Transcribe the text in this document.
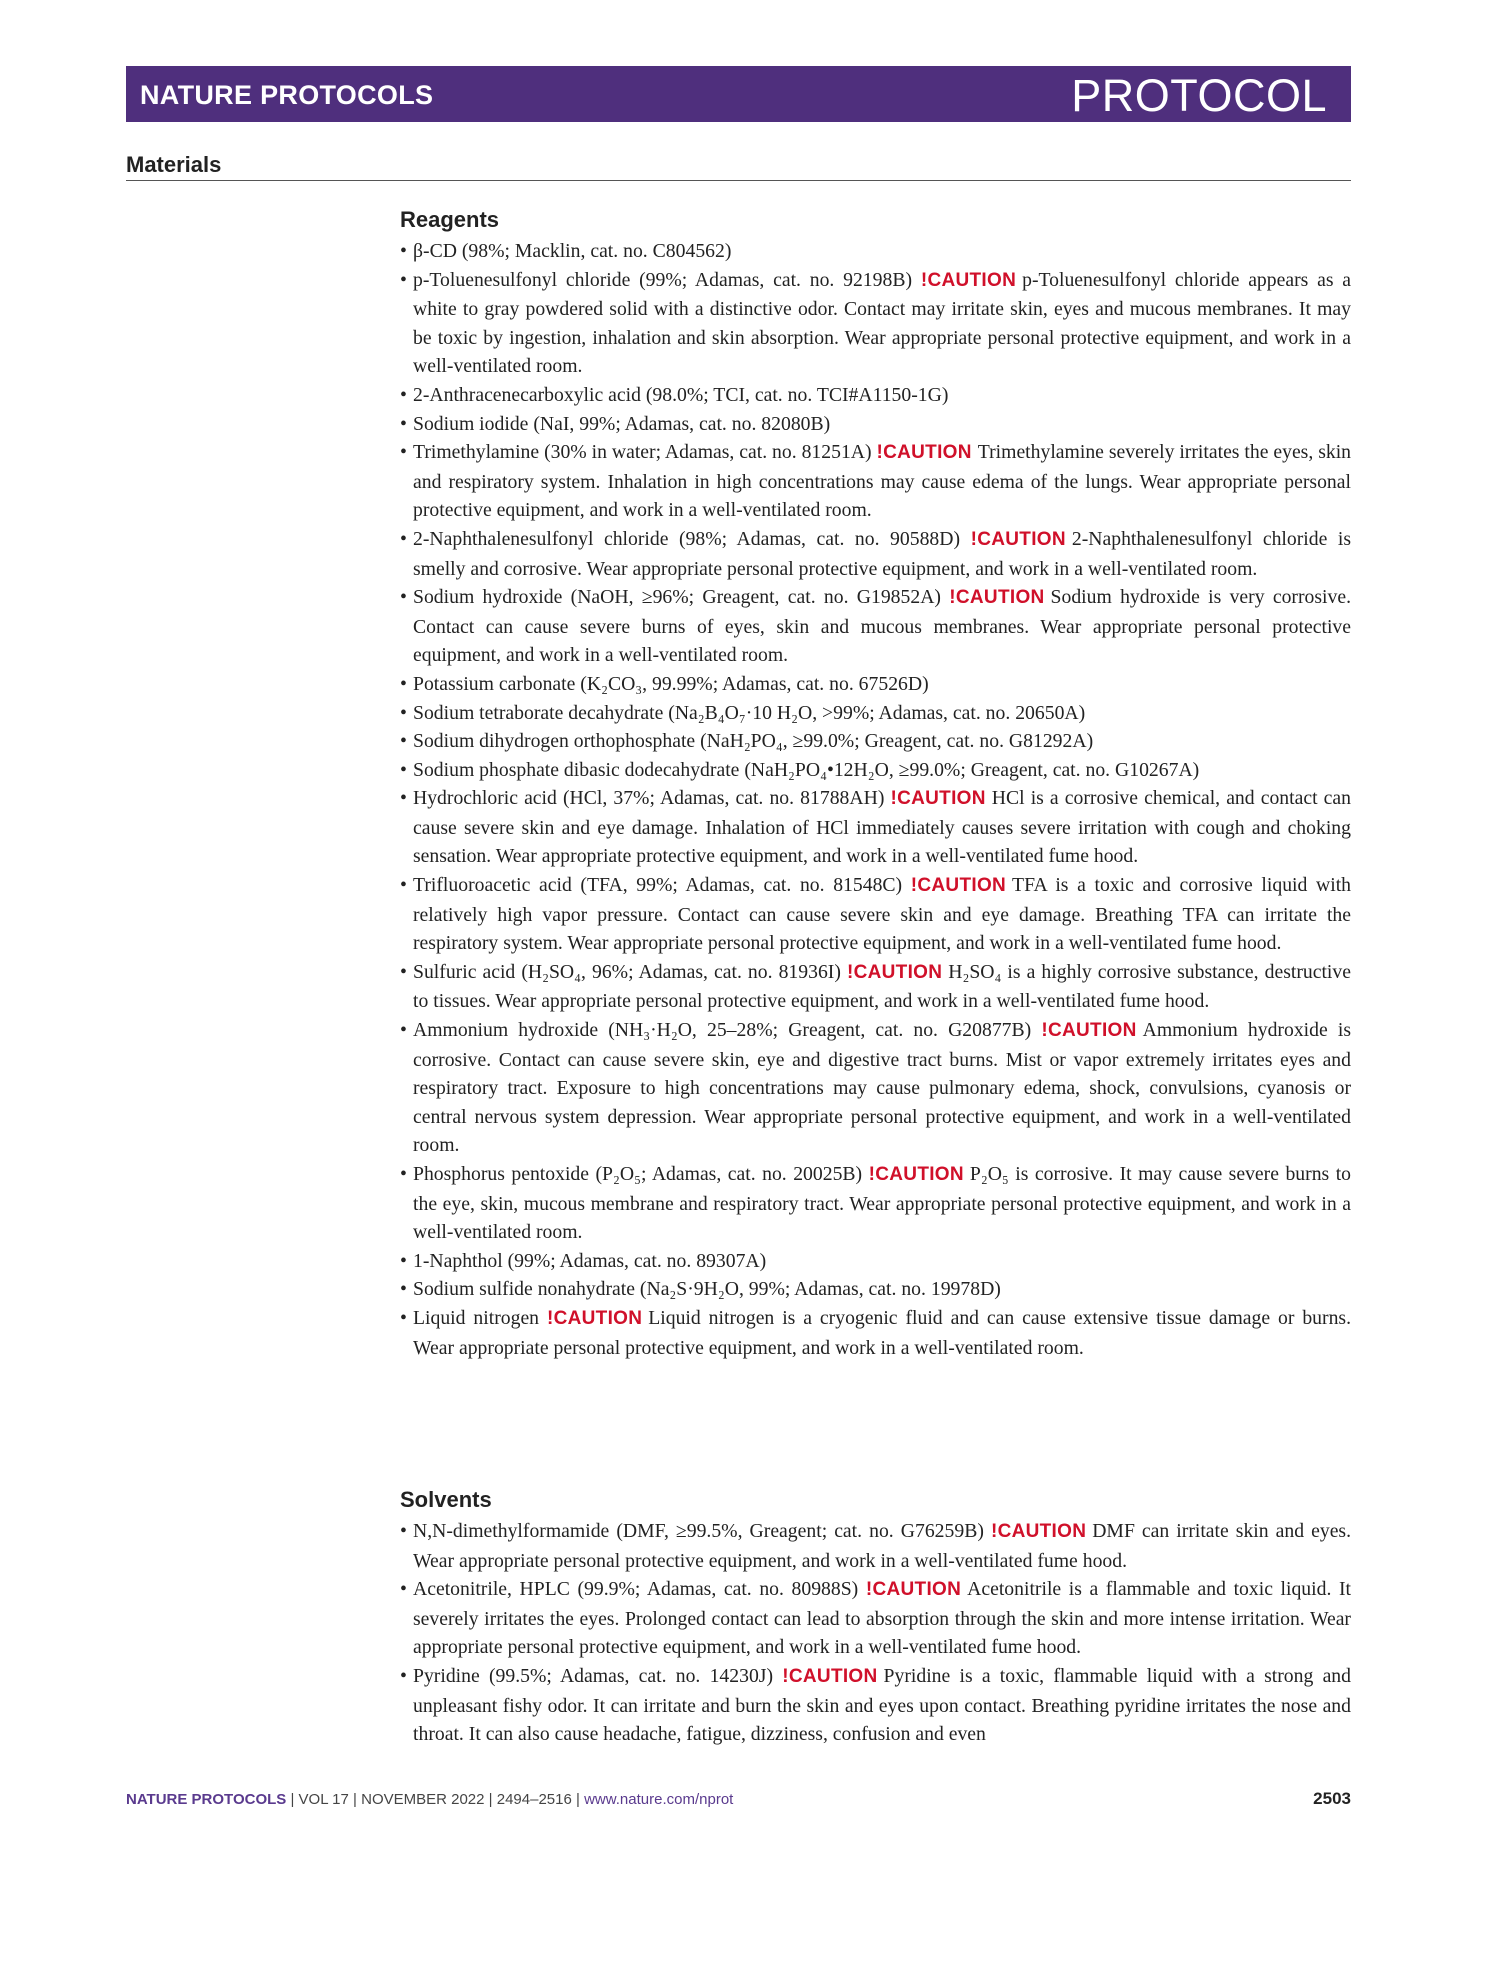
NATURE PROTOCOLS	PROTOCOL
Materials
Reagents
• β-CD (98%; Macklin, cat. no. C804562)
• p-Toluenesulfonyl chloride (99%; Adamas, cat. no. 92198B) !CAUTION p-Toluenesulfonyl chloride appears as a white to gray powdered solid with a distinctive odor. Contact may irritate skin, eyes and mucous membranes. It may be toxic by ingestion, inhalation and skin absorption. Wear appropriate personal protective equipment, and work in a well-ventilated room.
• 2-Anthracenecarboxylic acid (98.0%; TCI, cat. no. TCI#A1150-1G)
• Sodium iodide (NaI, 99%; Adamas, cat. no. 82080B)
• Trimethylamine (30% in water; Adamas, cat. no. 81251A) !CAUTION Trimethylamine severely irritates the eyes, skin and respiratory system. Inhalation in high concentrations may cause edema of the lungs. Wear appropriate personal protective equipment, and work in a well-ventilated room.
• 2-Naphthalenesulfonyl chloride (98%; Adamas, cat. no. 90588D) !CAUTION 2-Naphthalenesulfonyl chloride is smelly and corrosive. Wear appropriate personal protective equipment, and work in a well-ventilated room.
• Sodium hydroxide (NaOH, ≥96%; Greagent, cat. no. G19852A) !CAUTION Sodium hydroxide is very corrosive. Contact can cause severe burns of eyes, skin and mucous membranes. Wear appropriate personal protective equipment, and work in a well-ventilated room.
• Potassium carbonate (K₂CO₃, 99.99%; Adamas, cat. no. 67526D)
• Sodium tetraborate decahydrate (Na₂B₄O₇·10 H₂O, >99%; Adamas, cat. no. 20650A)
• Sodium dihydrogen orthophosphate (NaH₂PO₄, ≥99.0%; Greagent, cat. no. G81292A)
• Sodium phosphate dibasic dodecahydrate (NaH₂PO₄•12H₂O, ≥99.0%; Greagent, cat. no. G10267A)
• Hydrochloric acid (HCl, 37%; Adamas, cat. no. 81788AH) !CAUTION HCl is a corrosive chemical, and contact can cause severe skin and eye damage. Inhalation of HCl immediately causes severe irritation with cough and choking sensation. Wear appropriate protective equipment, and work in a well-ventilated fume hood.
• Trifluoroacetic acid (TFA, 99%; Adamas, cat. no. 81548C) !CAUTION TFA is a toxic and corrosive liquid with relatively high vapor pressure. Contact can cause severe skin and eye damage. Breathing TFA can irritate the respiratory system. Wear appropriate personal protective equipment, and work in a well-ventilated fume hood.
• Sulfuric acid (H₂SO₄, 96%; Adamas, cat. no. 81936I) !CAUTION H₂SO₄ is a highly corrosive substance, destructive to tissues. Wear appropriate personal protective equipment, and work in a well-ventilated fume hood.
• Ammonium hydroxide (NH₃·H₂O, 25–28%; Greagent, cat. no. G20877B) !CAUTION Ammonium hydroxide is corrosive. Contact can cause severe skin, eye and digestive tract burns. Mist or vapor extremely irritates eyes and respiratory tract. Exposure to high concentrations may cause pulmonary edema, shock, convulsions, cyanosis or central nervous system depression. Wear appropriate personal protective equipment, and work in a well-ventilated room.
• Phosphorus pentoxide (P₂O₅; Adamas, cat. no. 20025B) !CAUTION P₂O₅ is corrosive. It may cause severe burns to the eye, skin, mucous membrane and respiratory tract. Wear appropriate personal protective equipment, and work in a well-ventilated room.
• 1-Naphthol (99%; Adamas, cat. no. 89307A)
• Sodium sulfide nonahydrate (Na₂S·9H₂O, 99%; Adamas, cat. no. 19978D)
• Liquid nitrogen !CAUTION Liquid nitrogen is a cryogenic fluid and can cause extensive tissue damage or burns. Wear appropriate personal protective equipment, and work in a well-ventilated room.
Solvents
• N,N-dimethylformamide (DMF, ≥99.5%, Greagent; cat. no. G76259B) !CAUTION DMF can irritate skin and eyes. Wear appropriate personal protective equipment, and work in a well-ventilated fume hood.
• Acetonitrile, HPLC (99.9%; Adamas, cat. no. 80988S) !CAUTION Acetonitrile is a flammable and toxic liquid. It severely irritates the eyes. Prolonged contact can lead to absorption through the skin and more intense irritation. Wear appropriate personal protective equipment, and work in a well-ventilated fume hood.
• Pyridine (99.5%; Adamas, cat. no. 14230J) !CAUTION Pyridine is a toxic, flammable liquid with a strong and unpleasant fishy odor. It can irritate and burn the skin and eyes upon contact. Breathing pyridine irritates the nose and throat. It can also cause headache, fatigue, dizziness, confusion and even
NATURE PROTOCOLS | VOL 17 | NOVEMBER 2022 | 2494–2516 | www.nature.com/nprot	2503
